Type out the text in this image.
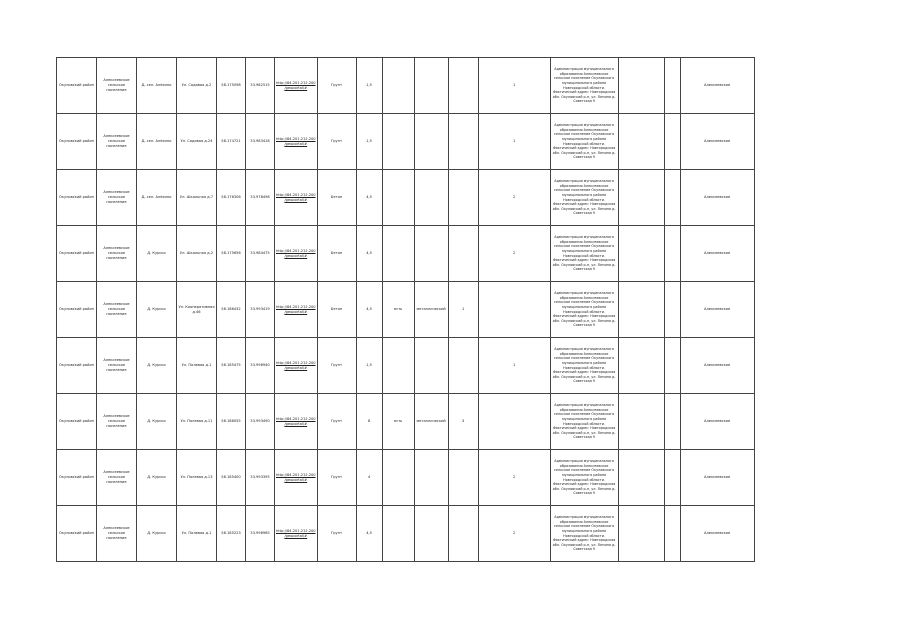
Окуловский район	Алексеевское сельское поселение	Д. сел. Алёхино	Ул. Садовая д.2	58.175098	33.982515	http://84.201.212.200 /geoportal/#	Грунт	1,5				1	Администрация муниципального образования Алексеевское сельское поселение Окуловского муниципального района Новгородской области. Фактический адрес: Новгородская обл. Окуловский р-н, ул. Ленина д. Советская 9			Алексеевское
Окуловский район	Алексеевское сельское поселение	Д. сел. Алёхино	Ул. Садовая д.24	58.174721	33.983418	http://84.201.212.200 /geoportal/#	Грунт	1,5				1	Администрация муниципального образования Алексеевское сельское поселение Окуловского муниципального района Новгородской области. Фактический адрес: Новгородская обл. Окуловский р-н, ул. Ленина д. Советская 9			Алексеевское
Окуловский район	Алексеевское сельское поселение	Д. сел. Алёхино	Ул. Школьная д.7	58.176306	33.978498	http://84.201.212.200 /geoportal/#	Бетон	4,5				2	Администрация муниципального образования Алексеевское сельское поселение Окуловского муниципального района Новгородской области. Фактический адрес: Новгородская обл. Окуловский р-н, ул. Ленина д. Советская 9			Алексеевское
Окуловский район	Алексеевское сельское поселение	Д. Курско	Ул. Школьная д.2	58.175656	33.984475	http://84.201.212.200 /geoportal/#	Бетон	4,5				2	Администрация муниципального образования Алексеевское сельское поселение Окуловского муниципального района Новгородской области. Фактический адрес: Новгородская обл. Окуловский р-н, ул. Ленина д. Советская 9			Алексеевское
Окуловский район	Алексеевское сельское поселение	Д. Курско	Ул. Кооперативная д.46	58.186432	33.993419	http://84.201.212.200 /geoportal/#	Бетон	4,5	есть	металлический	1		Администрация муниципального образования Алексеевское сельское поселение Окуловского муниципального района Новгородской области. Фактический адрес: Новгородская обл. Окуловский р-н, ул. Ленина д. Советская 9			Алексеевское
Окуловский район	Алексеевское сельское поселение	Д. Курско	Ул. Полевая д.1	58.185475	33.998940	http://84.201.212.200 /geoportal/#	Грунт	1,5				1	Администрация муниципального образования Алексеевское сельское поселение Окуловского муниципального района Новгородской области. Фактический адрес: Новгородская обл. Окуловский р-н, ул. Ленина д. Советская 9			Алексеевское
Окуловский район	Алексеевское сельское поселение	Д. Курско	Ул. Полевая д.11	58.186055	33.993490	http://84.201.212.200 /geoportal/#	Грунт	8	есть	металлический	3		Администрация муниципального образования Алексеевское сельское поселение Окуловского муниципального района Новгородской области. Фактический адрес: Новгородская обл. Окуловский р-н, ул. Ленина д. Советская 9			Алексеевское
Окуловский район	Алексеевское сельское поселение	Д. Курско	Ул. Полевая д.13	58.185400	33.993395	http://84.201.212.200 /geoportal/#	Грунт	4				2	Администрация муниципального образования Алексеевское сельское поселение Окуловского муниципального района Новгородской области. Фактический адрес: Новгородская обл. Окуловский р-н, ул. Ленина д. Советская 9			Алексеевское
Окуловский район	Алексеевское сельское поселение	Д. Курско	Ул. Полевая д.1	58.185223	33.998965	http://84.201.212.200 /geoportal/#	Грунт	4,5				2	Администрация муниципального образования Алексеевское сельское поселение Окуловского муниципального района Новгородской области. Фактический адрес: Новгородская обл. Окуловский р-н, ул. Ленина д. Советская 9			Алексеевское
